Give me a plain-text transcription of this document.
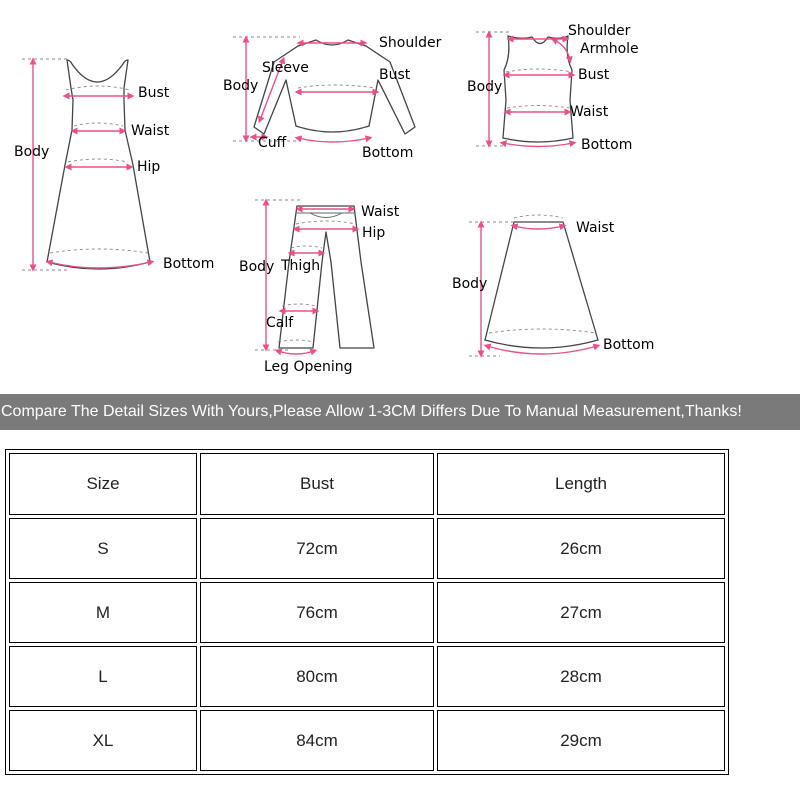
Body
Bust
Waist
Hip
Bottom
Body
Sleeve
Shoulder
Bust
Cuff
Bottom
Body
Shoulder
Armhole
Bust
Waist
Bottom
Body
Waist
Hip
Thigh
Calf
Leg Opening
Body
Waist
Bottom
Compare The Detail Sizes With Yours,Please Allow 1-3CM Differs Due To Manual Measurement,Thanks!
Size	Bust	Length
S	72cm	26cm
M	76cm	27cm
L	80cm	28cm
XL	84cm	29cm
